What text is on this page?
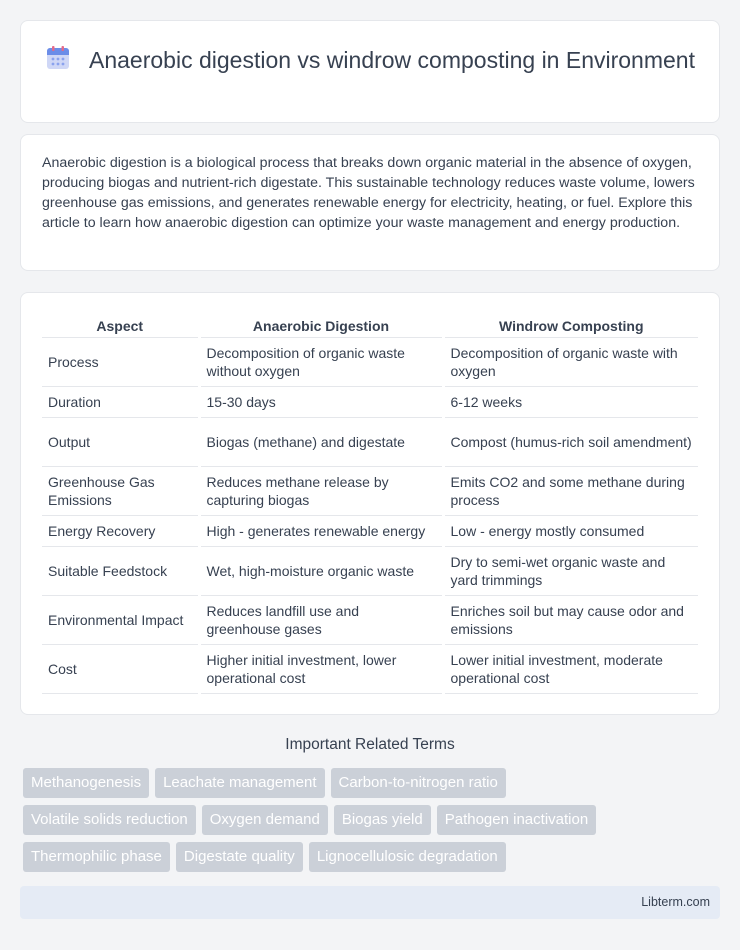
Anaerobic digestion vs windrow composting in Environment

Anaerobic digestion is a biological process that breaks down organic material in the absence of oxygen, producing biogas and nutrient-rich digestate. This sustainable technology reduces waste volume, lowers greenhouse gas emissions, and generates renewable energy for electricity, heating, or fuel. Explore this article to learn how anaerobic digestion can optimize your waste management and energy production.

Aspect	Anaerobic Digestion	Windrow Composting
Process	Decomposition of organic waste without oxygen	Decomposition of organic waste with oxygen
Duration	15-30 days	6-12 weeks
Output	Biogas (methane) and digestate	Compost (humus-rich soil amendment)
Greenhouse Gas Emissions	Reduces methane release by capturing biogas	Emits CO2 and some methane during process
Energy Recovery	High - generates renewable energy	Low - energy mostly consumed
Suitable Feedstock	Wet, high-moisture organic waste	Dry to semi-wet organic waste and yard trimmings
Environmental Impact	Reduces landfill use and greenhouse gases	Enriches soil but may cause odor and emissions
Cost	Higher initial investment, lower operational cost	Lower initial investment, moderate operational cost
Important Related Terms
Methanogenesis	Leachate management	Carbon-to-nitrogen ratio
Volatile solids reduction	Oxygen demand	Biogas yield	Pathogen inactivation
Thermophilic phase	Digestate quality	Lignocellulosic degradation
Libterm.com
